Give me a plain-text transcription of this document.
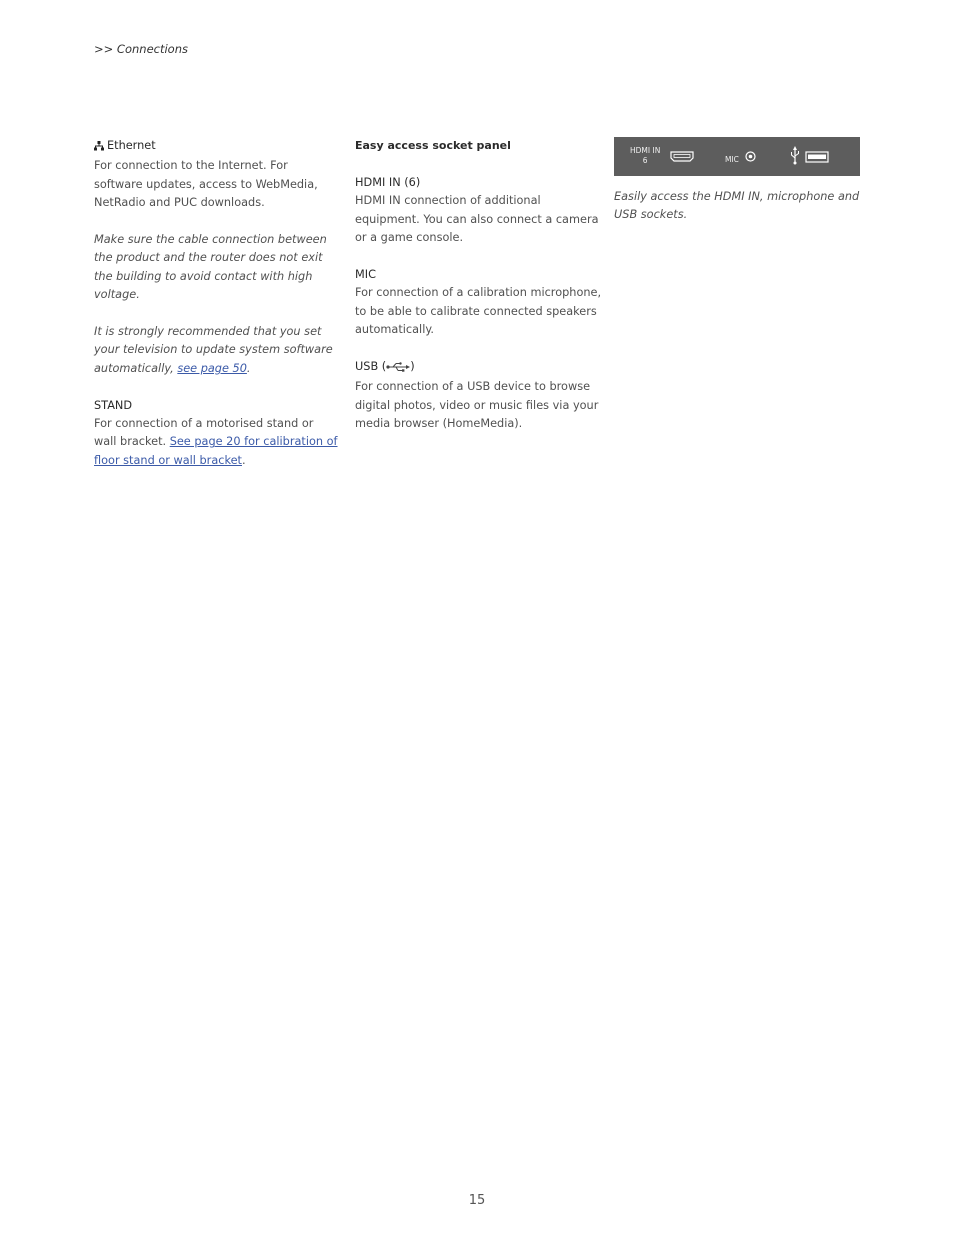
>> Connections

Ethernet
For connection to the Internet. For software updates, access to WebMedia, NetRadio and PUC downloads.

Make sure the cable connection between the product and the router does not exit the building to avoid contact with high voltage.

It is strongly recommended that you set your television to update system software automatically, see page 50.

STAND
For connection of a motorised stand or wall bracket. See page 20 for calibration of floor stand or wall bracket.

Easy access socket panel

HDMI IN (6)
HDMI IN connection of additional equipment. You can also connect a camera or a game console.

MIC
For connection of a calibration microphone, to be able to calibrate connected speakers automatically.

USB ( )
For connection of a USB device to browse digital photos, video or music files via your media browser (HomeMedia).

HDMI IN
6	MIC

Easily access the HDMI IN, microphone and USB sockets.

15
